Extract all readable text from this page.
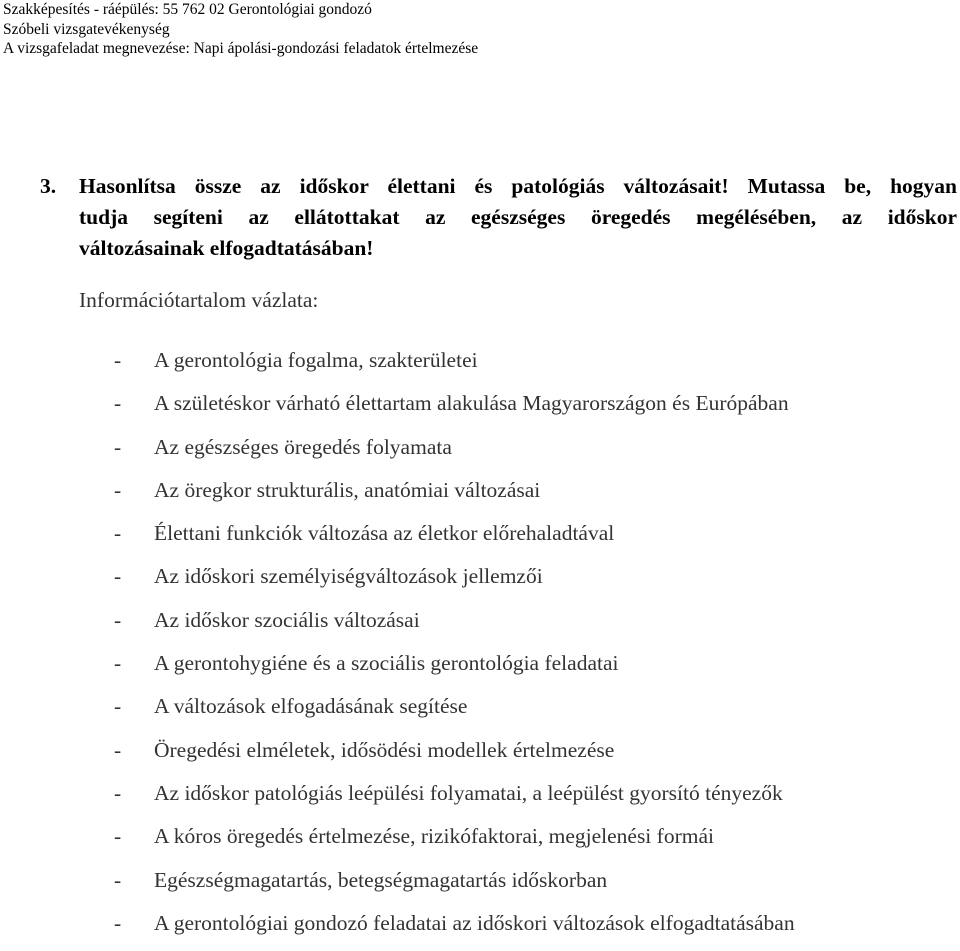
Szakképesítés - ráépülés: 55 762 02 Gerontológiai gondozó
Szóbeli vizsgatevékenység
A vizsgafeladat megnevezése: Napi ápolási-gondozási feladatok értelmezése
3.	Hasonlítsa össze az időskor élettani és patológiás változásait! Mutassa be, hogyan
tudja segíteni az ellátottakat az egészséges öregedés megélésében, az időskor
változásainak elfogadtatásában!
Információtartalom vázlata:
-	A gerontológia fogalma, szakterületei
-	A születéskor várható élettartam alakulása Magyarországon és Európában
-	Az egészséges öregedés folyamata
-	Az öregkor strukturális, anatómiai változásai
-	Élettani funkciók változása az életkor előrehaladtával
-	Az időskori személyiségváltozások jellemzői
-	Az időskor szociális változásai
-	A gerontohygiéne és a szociális gerontológia feladatai
-	A változások elfogadásának segítése
-	Öregedési elméletek, idősödési modellek értelmezése
-	Az időskor patológiás leépülési folyamatai, a leépülést gyorsító tényezők
-	A kóros öregedés értelmezése, rizikófaktorai, megjelenési formái
-	Egészségmagatartás, betegségmagatartás időskorban
-	A gerontológiai gondozó feladatai az időskori változások elfogadtatásában
